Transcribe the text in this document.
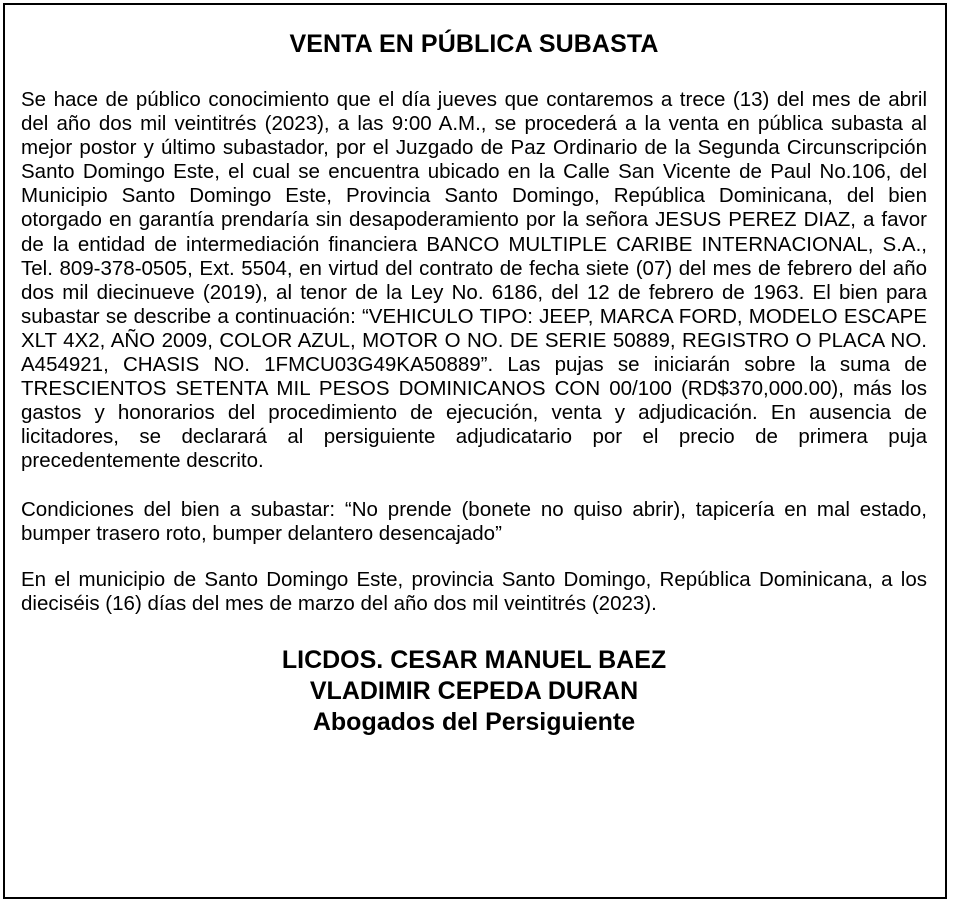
VENTA EN PÚBLICA SUBASTA

Se hace de público conocimiento que el día jueves que contaremos a trece (13) del mes de abril del año dos mil veintitrés (2023), a las 9:00 A.M., se procederá a la venta en pública subasta al mejor postor y último subastador, por el Juzgado de Paz Ordinario de la Segunda Circunscripción Santo Domingo Este, el cual se encuentra ubicado en la Calle San Vicente de Paul No.106, del Municipio Santo Domingo Este, Provincia Santo Domingo, República Dominicana, del bien otorgado en garantía prendaría sin desapoderamiento por la señora JESUS PEREZ DIAZ, a favor de la entidad de intermediación financiera BANCO MULTIPLE CARIBE INTERNACIONAL, S.A., Tel. 809-378-0505, Ext. 5504, en virtud del contrato de fecha siete (07) del mes de febrero del año dos mil diecinueve (2019), al tenor de la Ley No. 6186, del 12 de febrero de 1963. El bien para subastar se describe a continuación: “VEHICULO TIPO: JEEP, MARCA FORD, MODELO ESCAPE XLT 4X2, AÑO 2009, COLOR AZUL, MOTOR O NO. DE SERIE 50889, REGISTRO O PLACA NO. A454921, CHASIS NO. 1FMCU03G49KA50889”. Las pujas se iniciarán sobre la suma de TRESCIENTOS SETENTA MIL PESOS DOMINICANOS CON 00/100 (RD$370,000.00), más los gastos y honorarios del procedimiento de ejecución, venta y adjudicación. En ausencia de licitadores, se declarará al persiguiente adjudicatario por el precio de primera puja precedentemente descrito.

Condiciones del bien a subastar: “No prende (bonete no quiso abrir), tapicería en mal estado, bumper trasero roto, bumper delantero desencajado”

En el municipio de Santo Domingo Este, provincia Santo Domingo, República Dominicana, a los dieciséis (16) días del mes de marzo del año dos mil veintitrés (2023).

LICDOS. CESAR MANUEL BAEZ
VLADIMIR CEPEDA DURAN
Abogados del Persiguiente
